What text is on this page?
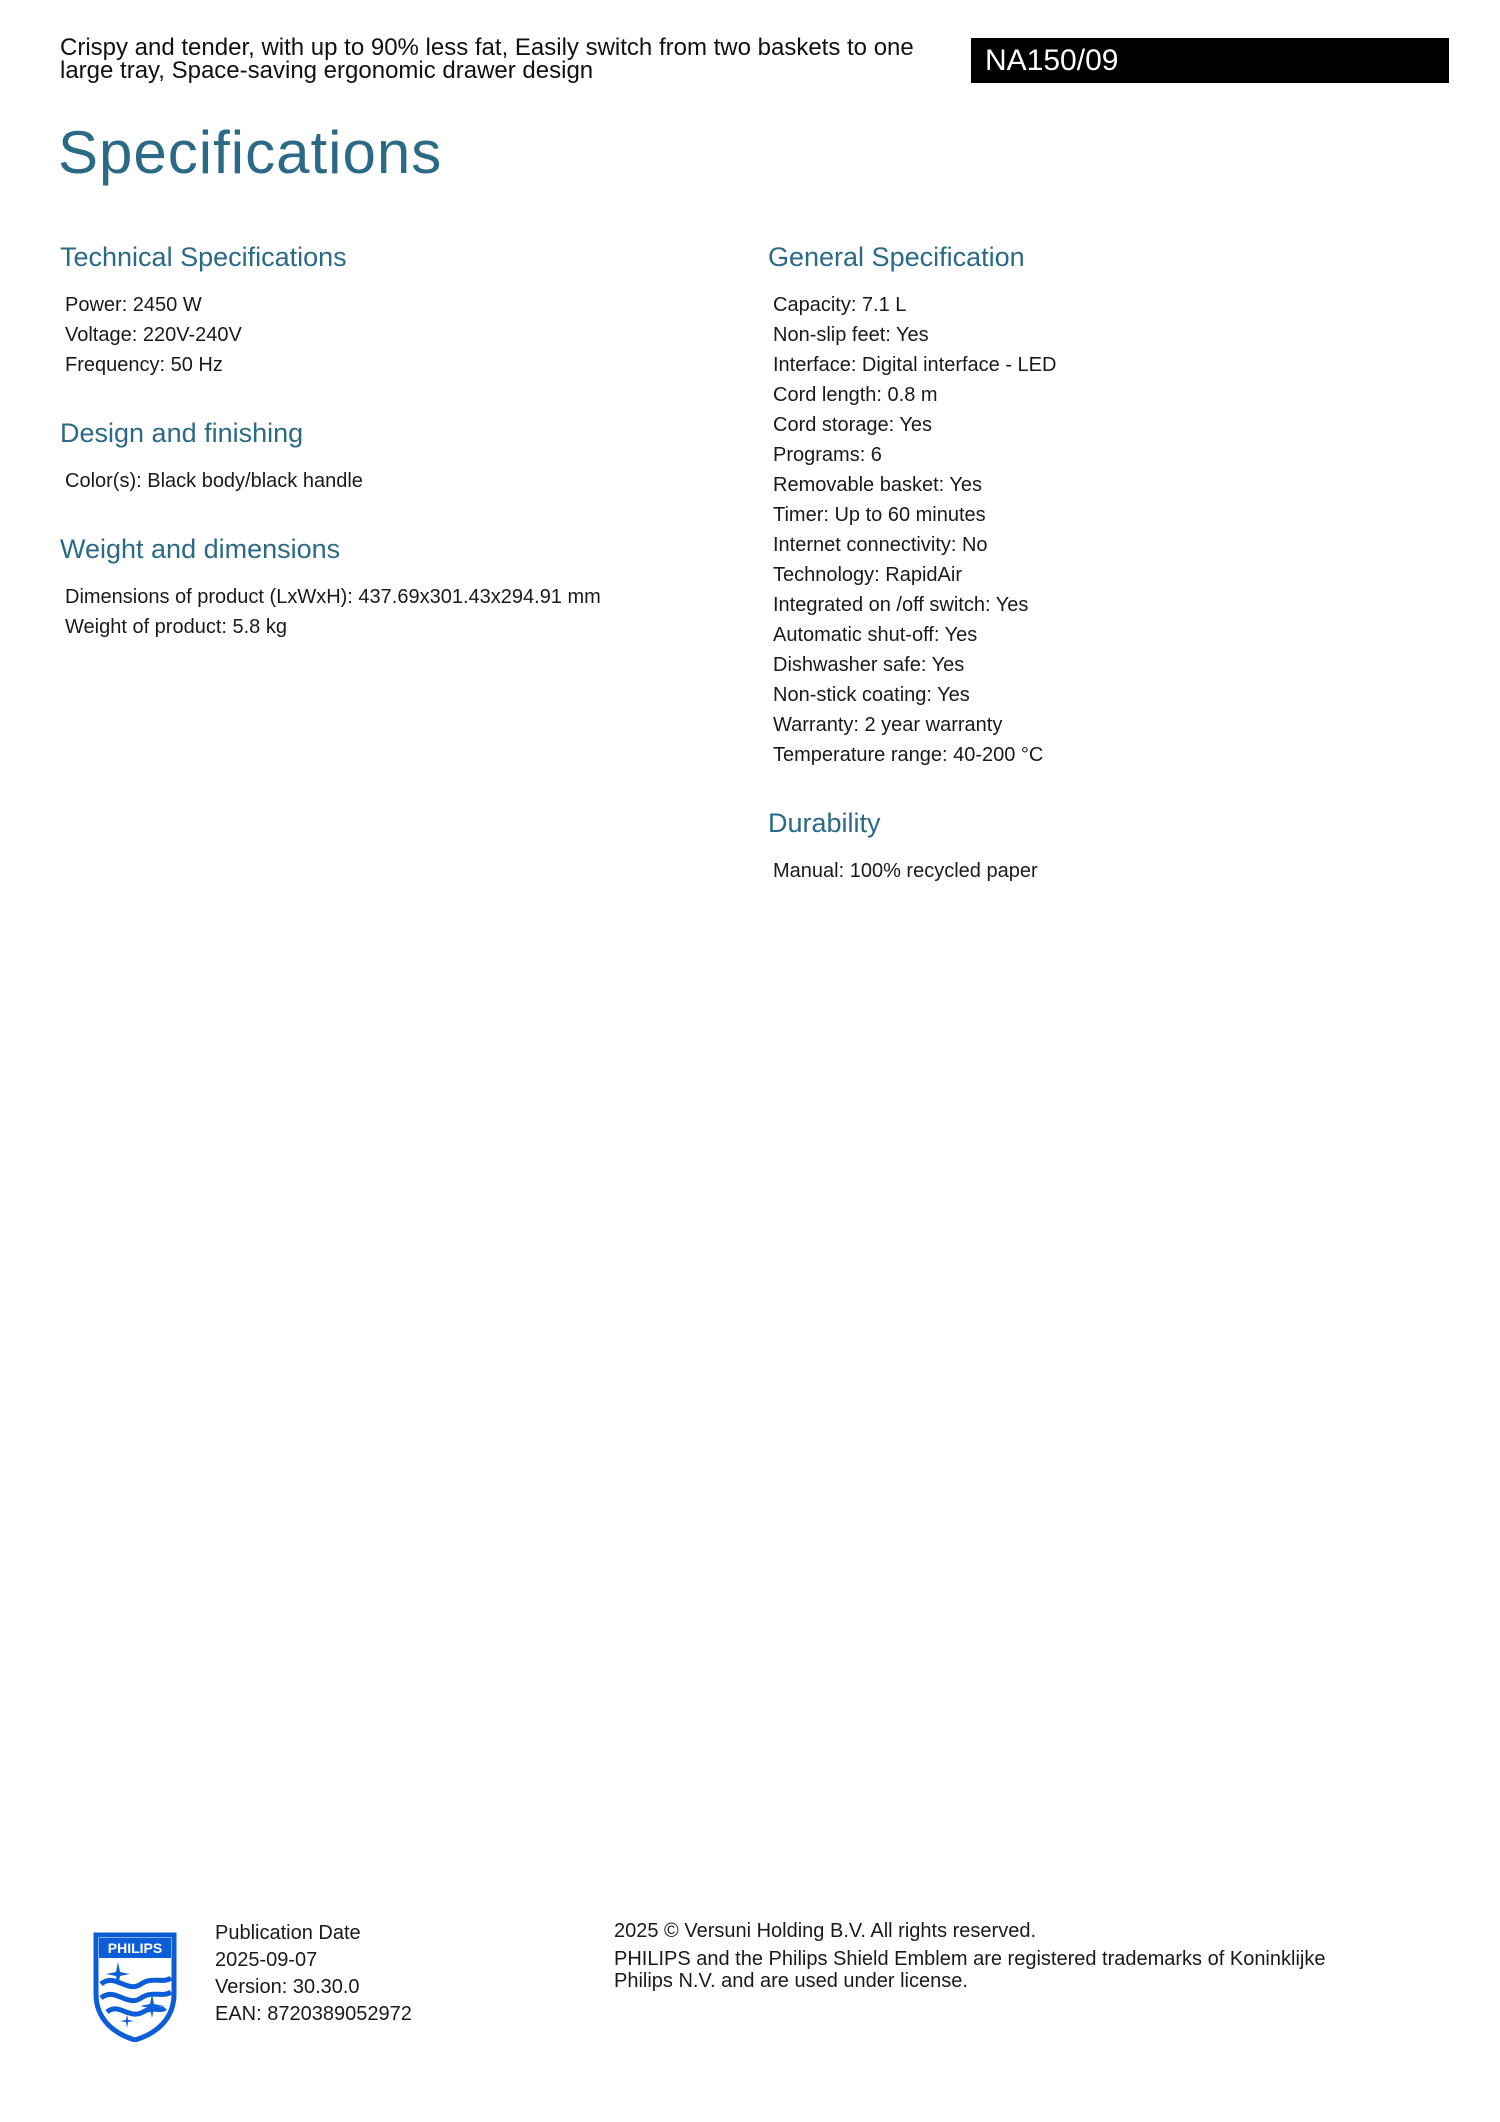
Crispy and tender, with up to 90% less fat, Easily switch from two baskets to one large tray, Space-saving ergonomic drawer design	NA150/09
Specifications
Technical Specifications
Power: 2450 W
Voltage: 220V-240V
Frequency: 50 Hz
Design and finishing
Color(s): Black body/black handle
Weight and dimensions
Dimensions of product (LxWxH): 437.69x301.43x294.91 mm
Weight of product: 5.8 kg
General Specification
Capacity: 7.1 L
Non-slip feet: Yes
Interface: Digital interface - LED
Cord length: 0.8 m
Cord storage: Yes
Programs: 6
Removable basket: Yes
Timer: Up to 60 minutes
Internet connectivity: No
Technology: RapidAir
Integrated on /off switch: Yes
Automatic shut-off: Yes
Dishwasher safe: Yes
Non-stick coating: Yes
Warranty: 2 year warranty
Temperature range: 40-200 °C
Durability
Manual: 100% recycled paper
PHILIPS
Publication Date
2025-09-07
Version: 30.30.0
EAN: 8720389052972
2025 © Versuni Holding B.V. All rights reserved.
PHILIPS and the Philips Shield Emblem are registered trademarks of Koninklijke Philips N.V. and are used under license.
